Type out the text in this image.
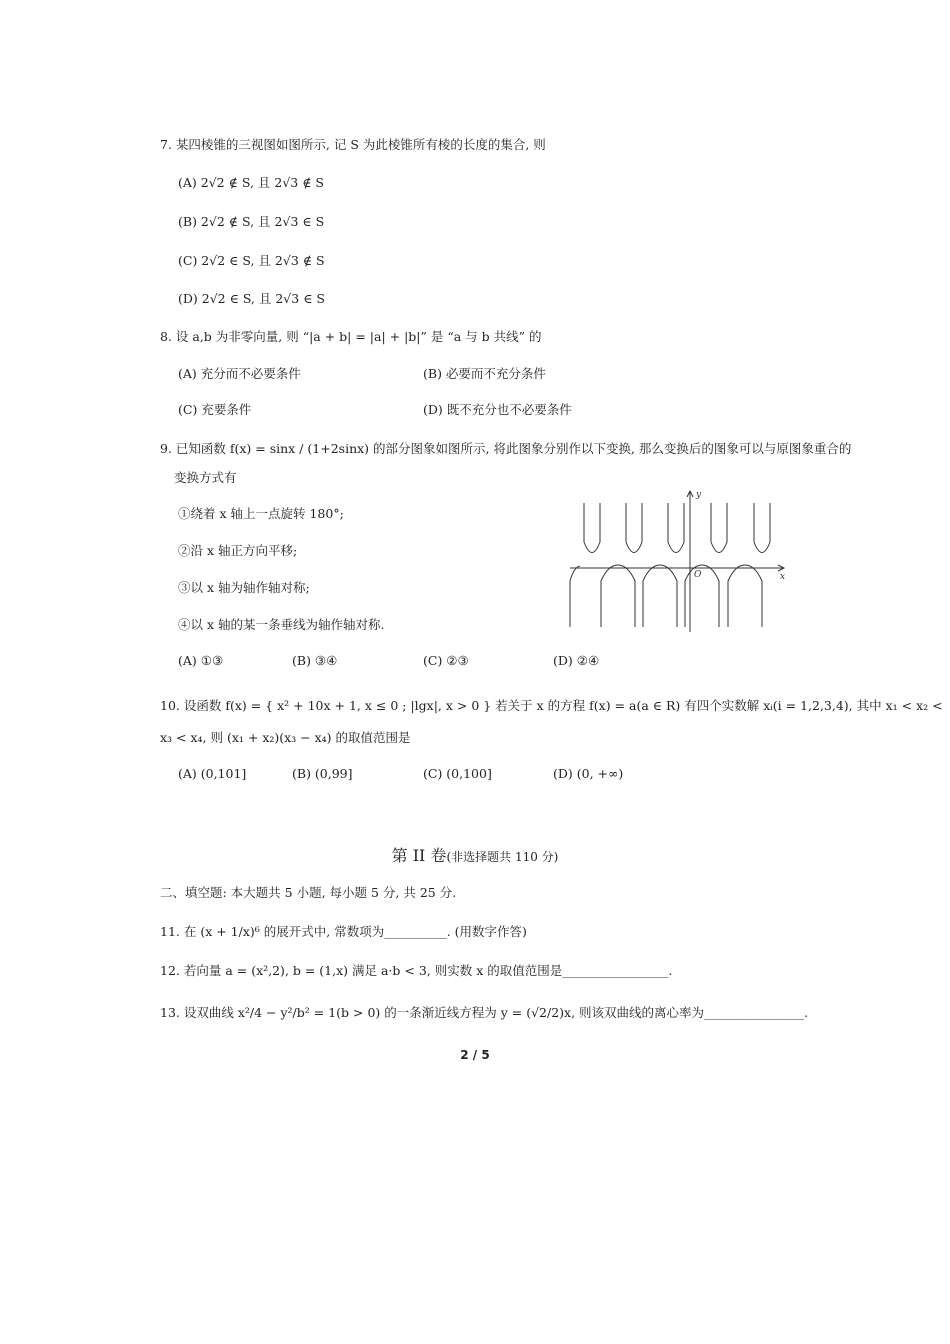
7. 某四棱锥的三视图如图所示, 记 S 为此棱锥所有棱的长度的集合, 则
(A) 2√2 ∉ S, 且 2√3 ∉ S
(B) 2√2 ∉ S, 且 2√3 ∈ S
(C) 2√2 ∈ S, 且 2√3 ∉ S
(D) 2√2 ∈ S, 且 2√3 ∈ S
8. 设 a,b 为非零向量, 则 “|a + b| = |a| + |b|” 是 “a 与 b 共线” 的
(A) 充分而不必要条件	(B) 必要而不充分条件
(C) 充要条件	(D) 既不充分也不必要条件
9. 已知函数 f(x) = sinx / (1+2sinx) 的部分图象如图所示, 将此图象分别作以下变换, 那么变换后的图象可以与原图象重合的
变换方式有
①绕着 x 轴上一点旋转 180°;
②沿 x 轴正方向平移;
③以 x 轴为轴作轴对称;
④以 x 轴的某一条垂线为轴作轴对称.
(A) ①③	(B) ③④	(C) ②③	(D) ②④
O	x
y
10. 设函数 f(x) = { x² + 10x + 1, x ≤ 0 ; |lgx|, x > 0 } 若关于 x 的方程 f(x) = a(a ∈ R) 有四个实数解 xᵢ(i = 1,2,3,4), 其中 x₁ < x₂ <
x₃ < x₄, 则 (x₁ + x₂)(x₃ − x₄) 的取值范围是
(A) (0,101]	(B) (0,99]	(C) (0,100]	(D) (0, +∞)
第 II 卷(非选择题共 110 分)
二、填空题: 本大题共 5 小题, 每小题 5 分, 共 25 分.
11. 在 (x + 1/x)⁶ 的展开式中, 常数项为__________. (用数字作答)
12. 若向量 a = (x²,2), b = (1,x) 满足 a·b < 3, 则实数 x 的取值范围是_________________.
13. 设双曲线 x²/4 − y²/b² = 1(b > 0) 的一条渐近线方程为 y = (√2/2)x, 则该双曲线的离心率为________________.
2 / 5
